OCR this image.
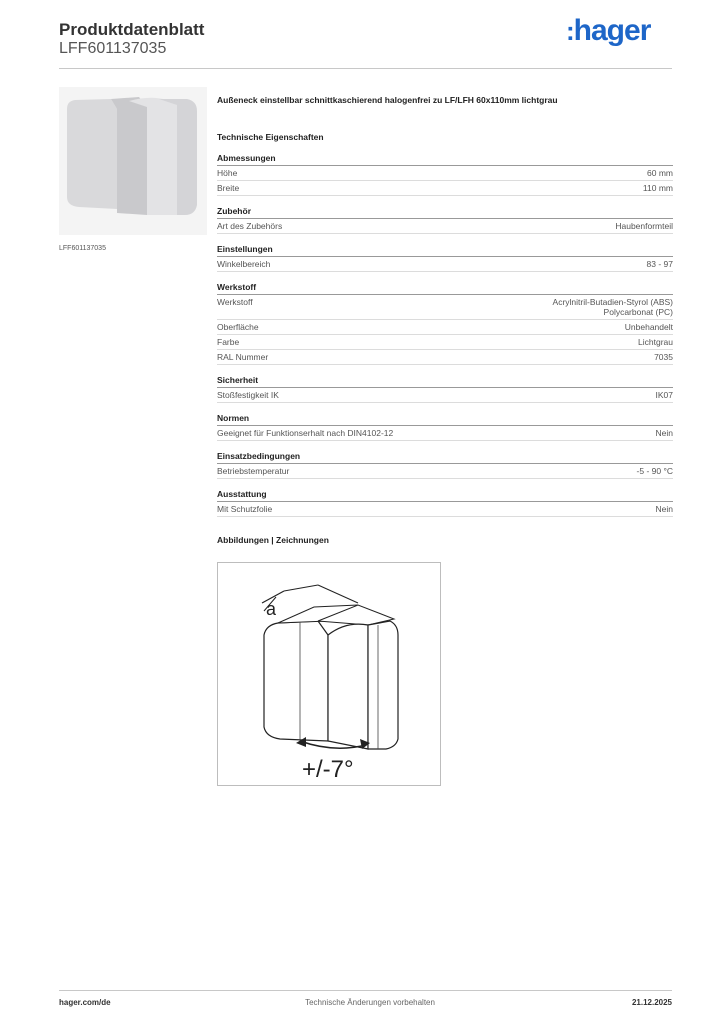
Produktdatenblatt
LFF601137035
:hager
LFF601137035
Außeneck einstellbar schnittkaschierend halogenfrei zu LF/LFH 60x110mm lichtgrau
Technische Eigenschaften
Abmessungen
Höhe	60 mm
Breite	110 mm
Zubehör
Art des Zubehörs	Haubenformteil
Einstellungen
Winkelbereich	83 - 97
Werkstoff
Werkstoff	Acrylnitril-Butadien-Styrol (ABS)
Polycarbonat (PC)
Oberfläche	Unbehandelt
Farbe	Lichtgrau
RAL Nummer	7035
Sicherheit
Stoßfestigkeit IK	IK07
Normen
Geeignet für Funktionserhalt nach DIN4102-12	Nein
Einsatzbedingungen
Betriebstemperatur	-5 - 90 °C
Ausstattung
Mit Schutzfolie	Nein
Abbildungen | Zeichnungen
a
+/-7°
hager.com/de	Technische Änderungen vorbehalten	21.12.2025
